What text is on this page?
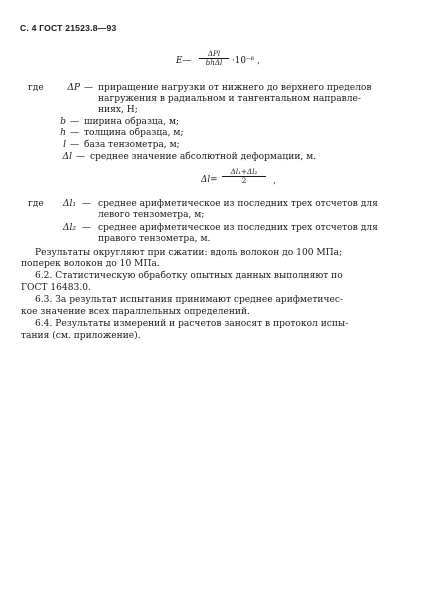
С. 4 ГОСТ 21523.8—93
E—
ΔPl
bhΔl	·10⁻⁶ ,
где	ΔP — приращение нагрузки от нижнего до верхнего пределов
нагружения в радиальном и тангентальном направле-
ниях, Н;
b — ширина образца, м;
h — толщина образца, м;
l — база тензометра, м;
Δl — среднее значение абсолютной деформации, м.
Δl=
Δl₁+Δl₂
2	,
где	Δl₁ — среднее арифметическое из последних трех отсчетов для
левого тензометра, м;
Δl₂ — среднее арифметическое из последних трех отсчетов для
правого тензометра, м.
Результаты округляют при сжатии: вдоль волокон до 100 МПа;
поперек волокон до 10 МПа.
6.2. Статистическую обработку опытных данных выполняют по
ГОСТ 16483.0.
6.3. За результат испытания принимают среднее арифметичес-
кое значение всех параллельных определений.
6.4. Результаты измерений и расчетов заносят в протокол испы-
тания (см. приложение).
